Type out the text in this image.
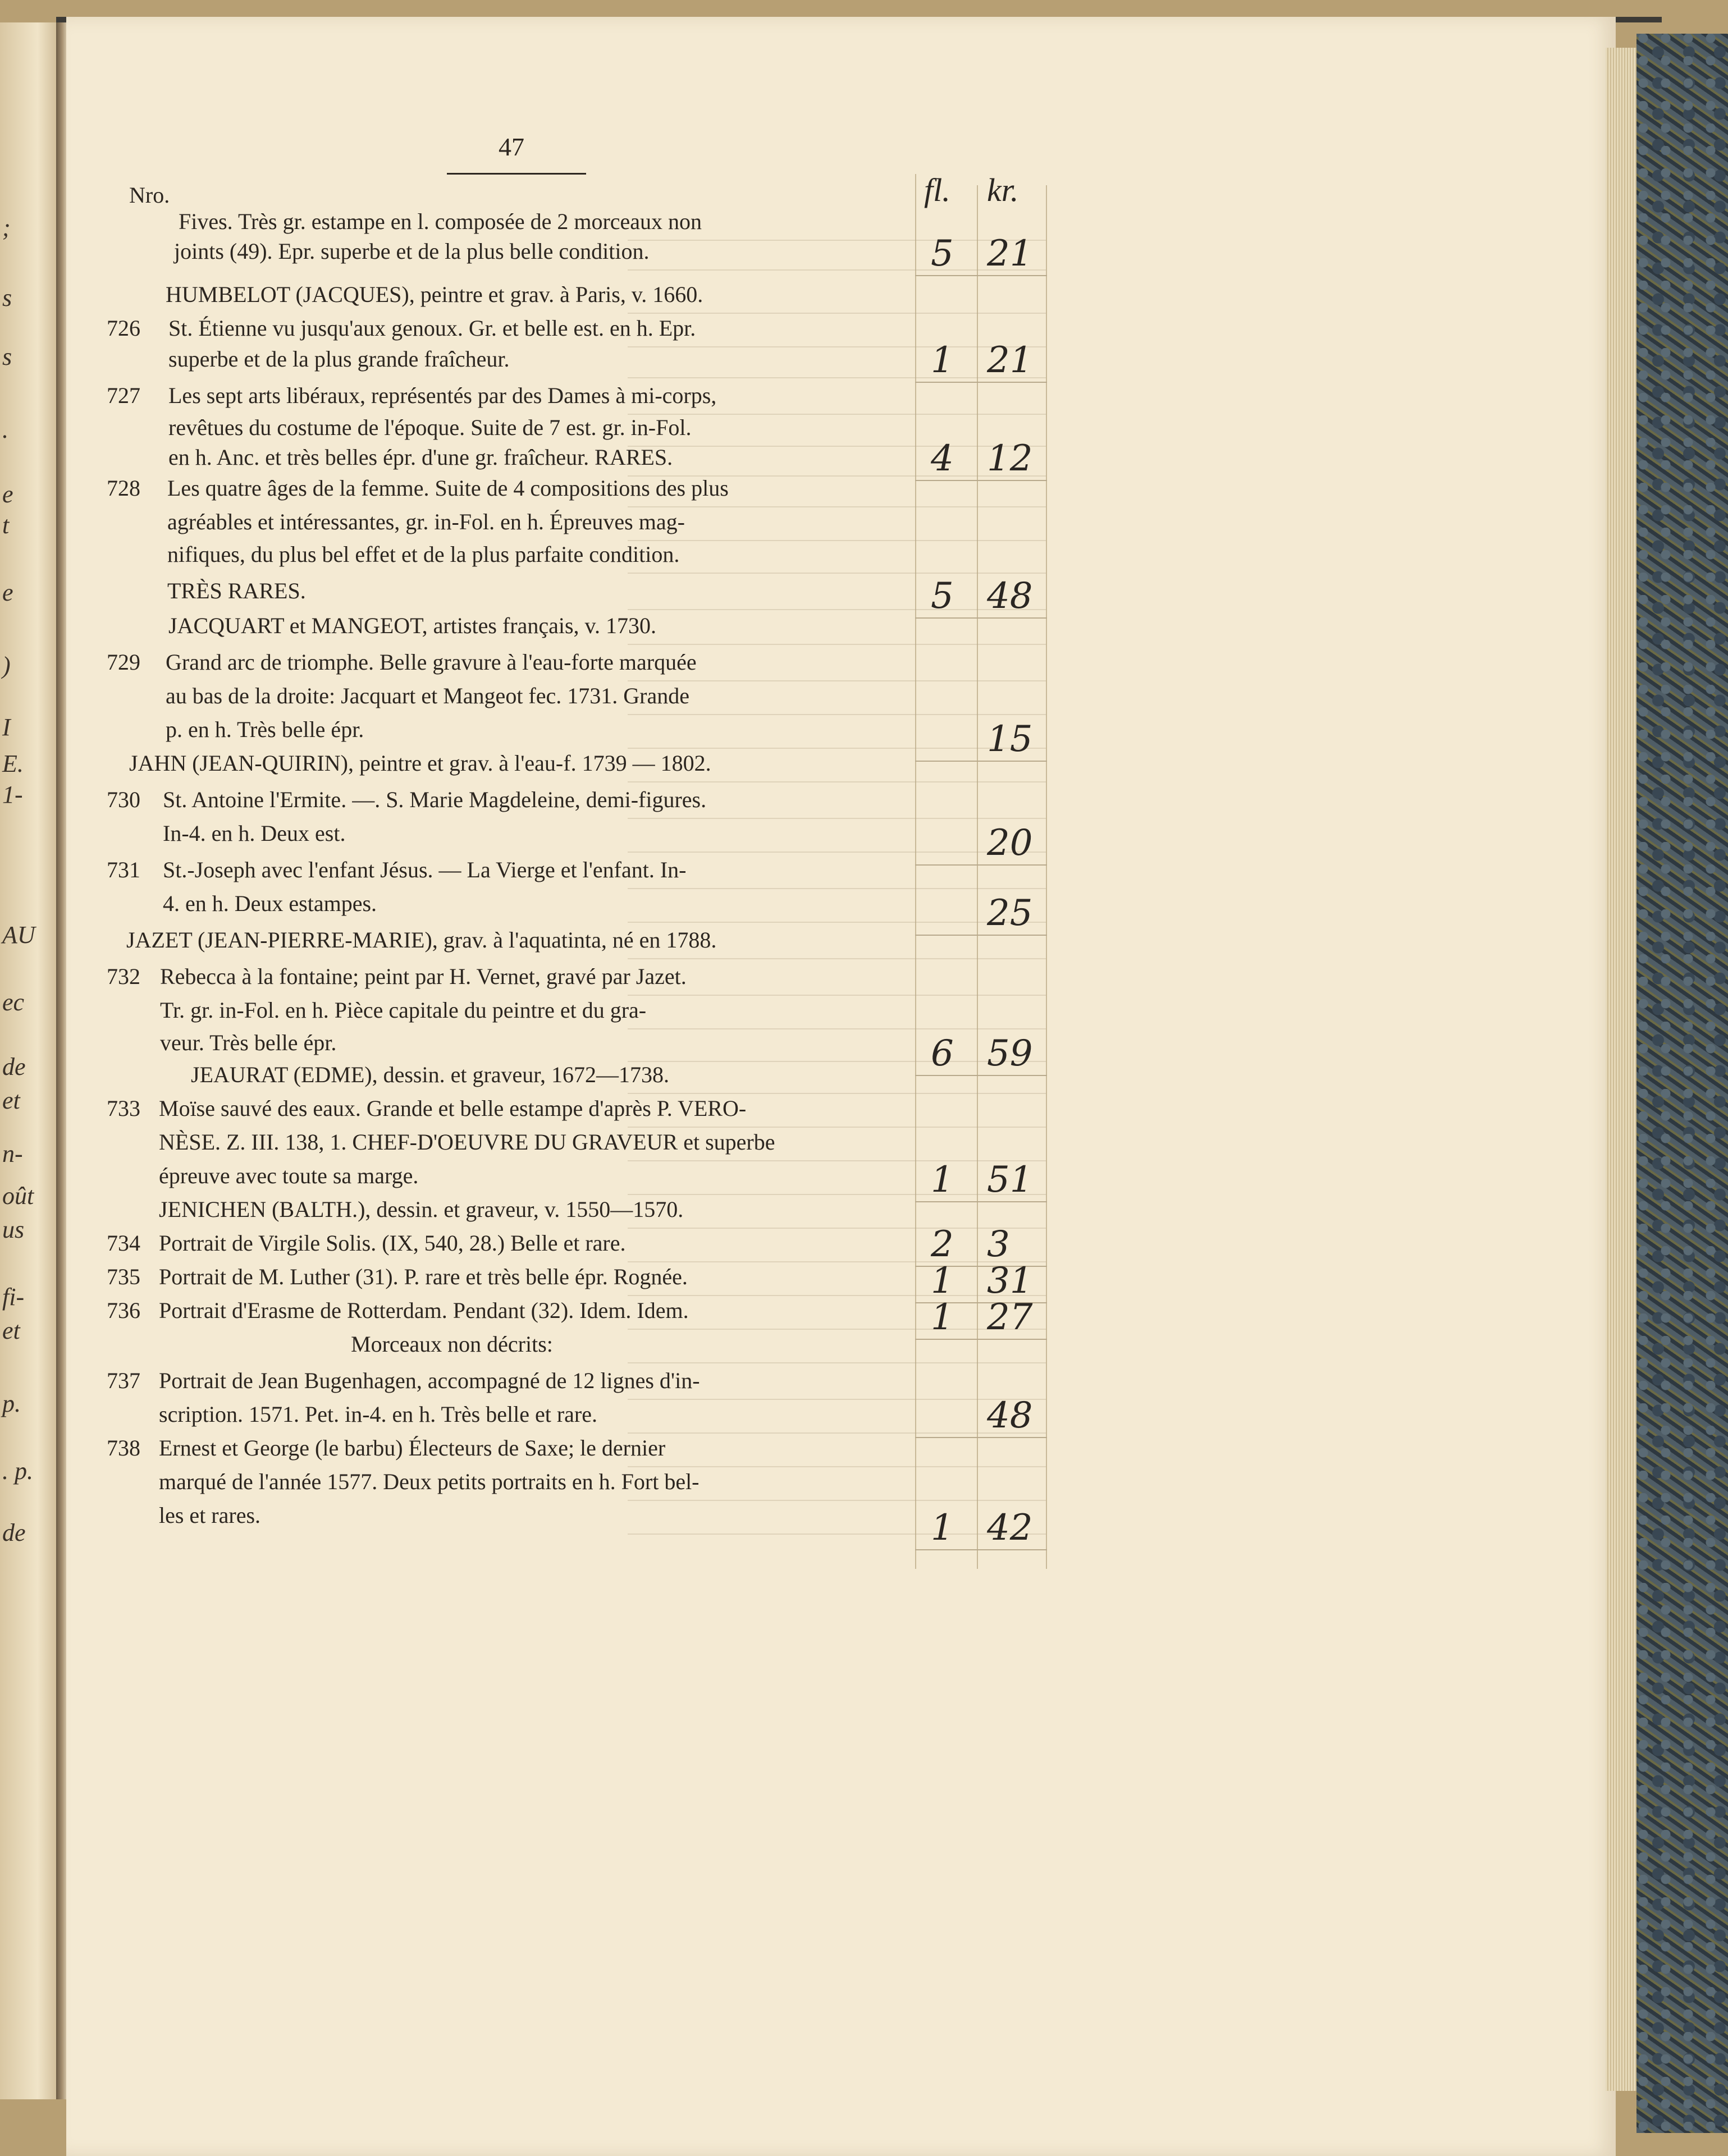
;
s
s
.
e
t
e
)
I
E.
1-
AU
ec
de
et
n-
oût
us
fi-
et
p.
. p.
de
47
Nro.	fl. kr.
Fives. Très gr. estampe en l. composée de 2 morceaux non
joints (49). Epr. superbe et de la plus belle condition.
HUMBELOT (JACQUES), peintre et grav. à Paris, v. 1660.
726 St. Étienne vu jusqu'aux genoux. Gr. et belle est. en h. Epr.
superbe et de la plus grande fraîcheur.
727 Les sept arts libéraux, représentés par des Dames à mi-corps,
revêtues du costume de l'époque. Suite de 7 est. gr. in-Fol.
en h. Anc. et très belles épr. d'une gr. fraîcheur. RARES.
728 Les quatre âges de la femme. Suite de 4 compositions des plus
agréables et intéressantes, gr. in-Fol. en h. Épreuves mag-
nifiques, du plus bel effet et de la plus parfaite condition.
TRÈS RARES.
JACQUART et MANGEOT, artistes français, v. 1730.
729 Grand arc de triomphe. Belle gravure à l'eau-forte marquée
au bas de la droite: Jacquart et Mangeot fec. 1731. Grande
p. en h. Très belle épr.
JAHN (JEAN-QUIRIN), peintre et grav. à l'eau-f. 1739 — 1802.
730 St. Antoine l'Ermite. —. S. Marie Magdeleine, demi-figures.
In-4. en h. Deux est.
731 St.-Joseph avec l'enfant Jésus. — La Vierge et l'enfant. In-
4. en h. Deux estampes.
JAZET (JEAN-PIERRE-MARIE), grav. à l'aquatinta, né en 1788.
732 Rebecca à la fontaine; peint par H. Vernet, gravé par Jazet.
Tr. gr. in-Fol. en h. Pièce capitale du peintre et du gra-
veur. Très belle épr.
JEAURAT (EDME), dessin. et graveur, 1672—1738.
733 Moïse sauvé des eaux. Grande et belle estampe d'après P. VERO-
NÈSE. Z. III. 138, 1. CHEF-D'OEUVRE DU GRAVEUR et superbe
épreuve avec toute sa marge.
JENICHEN (BALTH.), dessin. et graveur, v. 1550—1570.
734 Portrait de Virgile Solis. (IX, 540, 28.) Belle et rare.
735 Portrait de M. Luther (31). P. rare et très belle épr. Rognée.
736 Portrait d'Erasme de Rotterdam. Pendant (32). Idem. Idem.
Morceaux non décrits:
737 Portrait de Jean Bugenhagen, accompagné de 12 lignes d'in-
scription. 1571. Pet. in-4. en h. Très belle et rare.
738 Ernest et George (le barbu) Électeurs de Saxe; le dernier
marqué de l'année 1577. Deux petits portraits en h. Fort bel-
les et rares.
5 21
1 21
4 12
5 48
15
20
25
6 59
1 51
2 3
1 31
1 27
48
1 42
